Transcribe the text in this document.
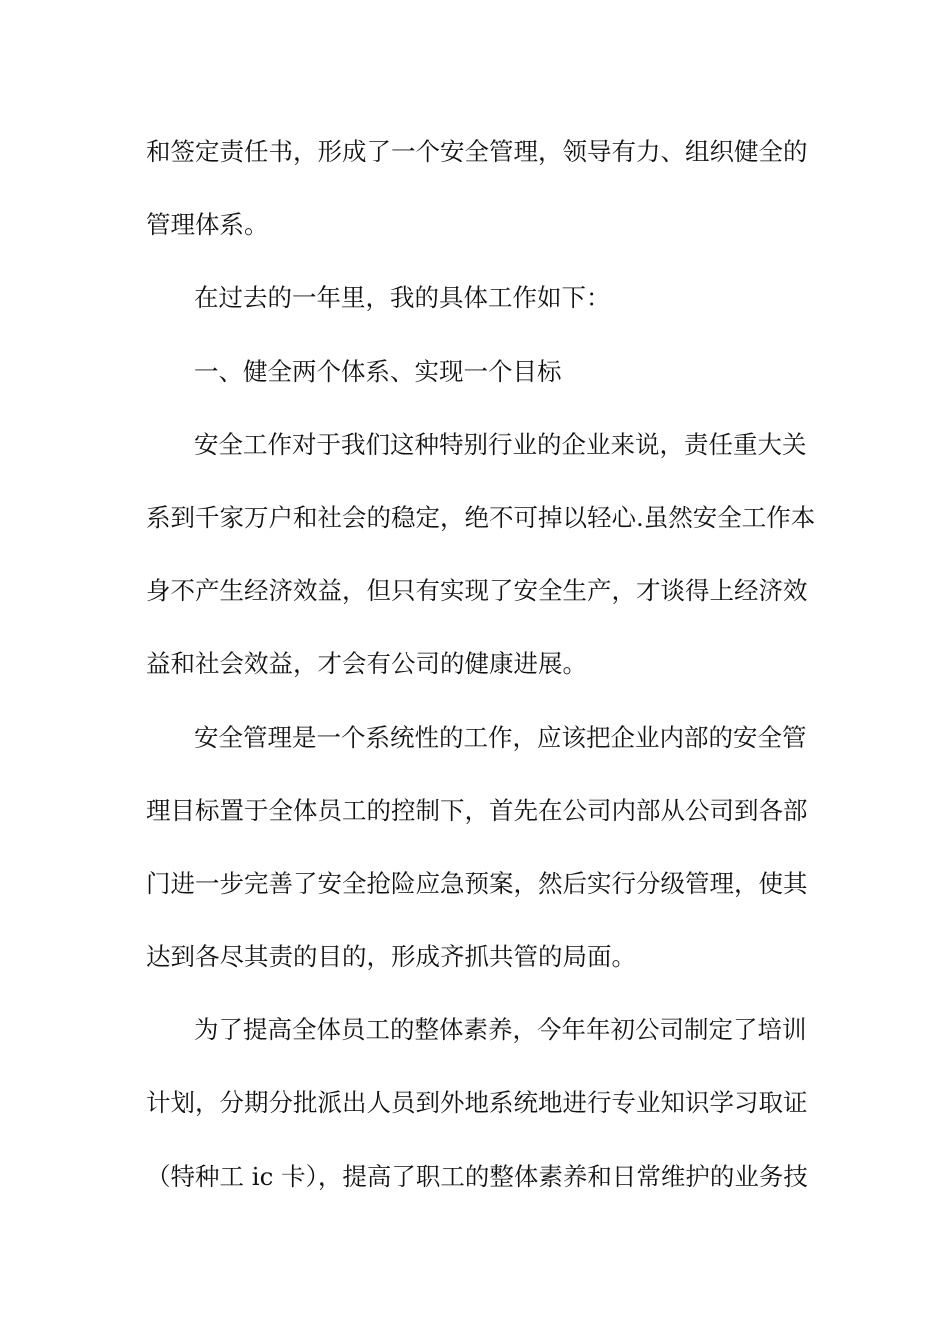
和签定责任书，形成了一个安全管理，领导有力、组织健全的
管理体系。
在过去的一年里，我的具体工作如下：
一、健全两个体系、实现一个目标
安全工作对于我们这种特别行业的企业来说，责任重大关
系到千家万户和社会的稳定，绝不可掉以轻心.虽然安全工作本
身不产生经济效益，但只有实现了安全生产，才谈得上经济效
益和社会效益，才会有公司的健康进展。
安全管理是一个系统性的工作，应该把企业内部的安全管
理目标置于全体员工的控制下，首先在公司内部从公司到各部
门进一步完善了安全抢险应急预案，然后实行分级管理，使其
达到各尽其责的目的，形成齐抓共管的局面。
为了提高全体员工的整体素养，今年年初公司制定了培训
计划，分期分批派出人员到外地系统地进行专业知识学习取证
（特种工 ic 卡），提高了职工的整体素养和日常维护的业务技
